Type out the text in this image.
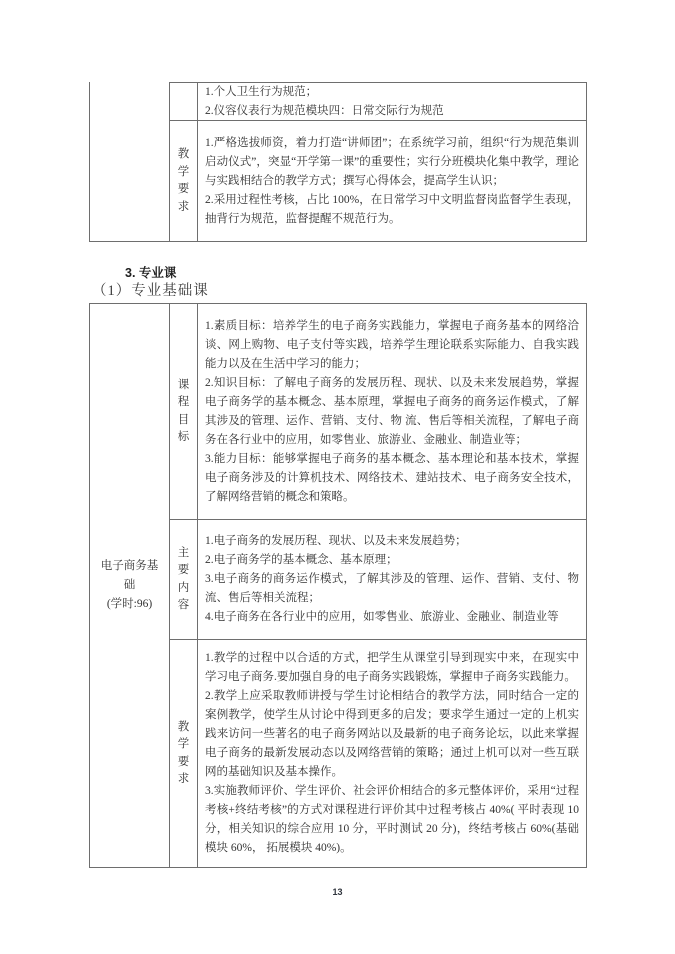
1.个人卫生行为规范；

2.仪容仪表行为规范模块四：日常交际行为规范

教学要求

1.严格选拔师资，着力打造“讲师团”；在系统学习前，组织“行为规范集训启动仪式”，突显“开学第一课”的重要性；实行分班模块化集中教学，理论与实践相结合的教学方式；撰写心得体会，提高学生认识；

2.采用过程性考核，占比 100%，在日常学习中文明监督岗监督学生表现，抽背行为规范，监督提醒不规范行为。

3. 专业课
（1）专业基础课
电子商务基础
(学时:96)
课程目标

1.素质目标：培养学生的电子商务实践能力，掌握电子商务基本的网络洽谈、网上购物、电子支付等实践，培养学生理论联系实际能力、自我实践能力以及在生活中学习的能力；

2.知识目标：了解电子商务的发展历程、现状、以及未来发展趋势，掌握电子商务学的基本概念、基本原理，掌握电子商务的商务运作模式，了解其涉及的管理、运作、营销、支付、物 流、售后等相关流程，了解电子商务在各行业中的应用，如零售业、旅游业、金融业、制造业等；

3.能力目标：能够掌握电子商务的基本概念、基本理论和基本技术，掌握电子商务涉及的计算机技术、网络技术、建站技术、电子商务安全技术，了解网络营销的概念和策略。

主要内容

1.电子商务的发展历程、现状、以及未来发展趋势；

2.电子商务学的基本概念、基本原理；

3.电子商务的商务运作模式，了解其涉及的管理、运作、营销、支付、物流、售后等相关流程；

4.电子商务在各行业中的应用，如零售业、旅游业、金融业、制造业等

教学要求

1.教学的过程中以合适的方式，把学生从课堂引导到现实中来，在现实中学习电子商务.要加强自身的电子商务实践锻炼，掌握申子商务实践能力。

2.教学上应采取教师讲授与学生讨论相结合的教学方法，同时结合一定的案例教学，使学生从讨论中得到更多的启发；要求学生通过一定的上机实践来访问一些著名的电子商务网站以及最新的电子商务论坛，以此来掌握电子商务的最新发展动态以及网络营销的策略；通过上机可以对一些互联网的基础知识及基本操作。

3.实施教师评价、学生评价、社会评价相结合的多元整体评价，采用“过程考核+终结考核”的方式对课程进行评价其中过程考核占 40%( 平时表现 10 分，相关知识的综合应用 10 分，平时测试 20 分)，终结考核占 60%(基础模块 60%， 拓展模块 40%)。

13
